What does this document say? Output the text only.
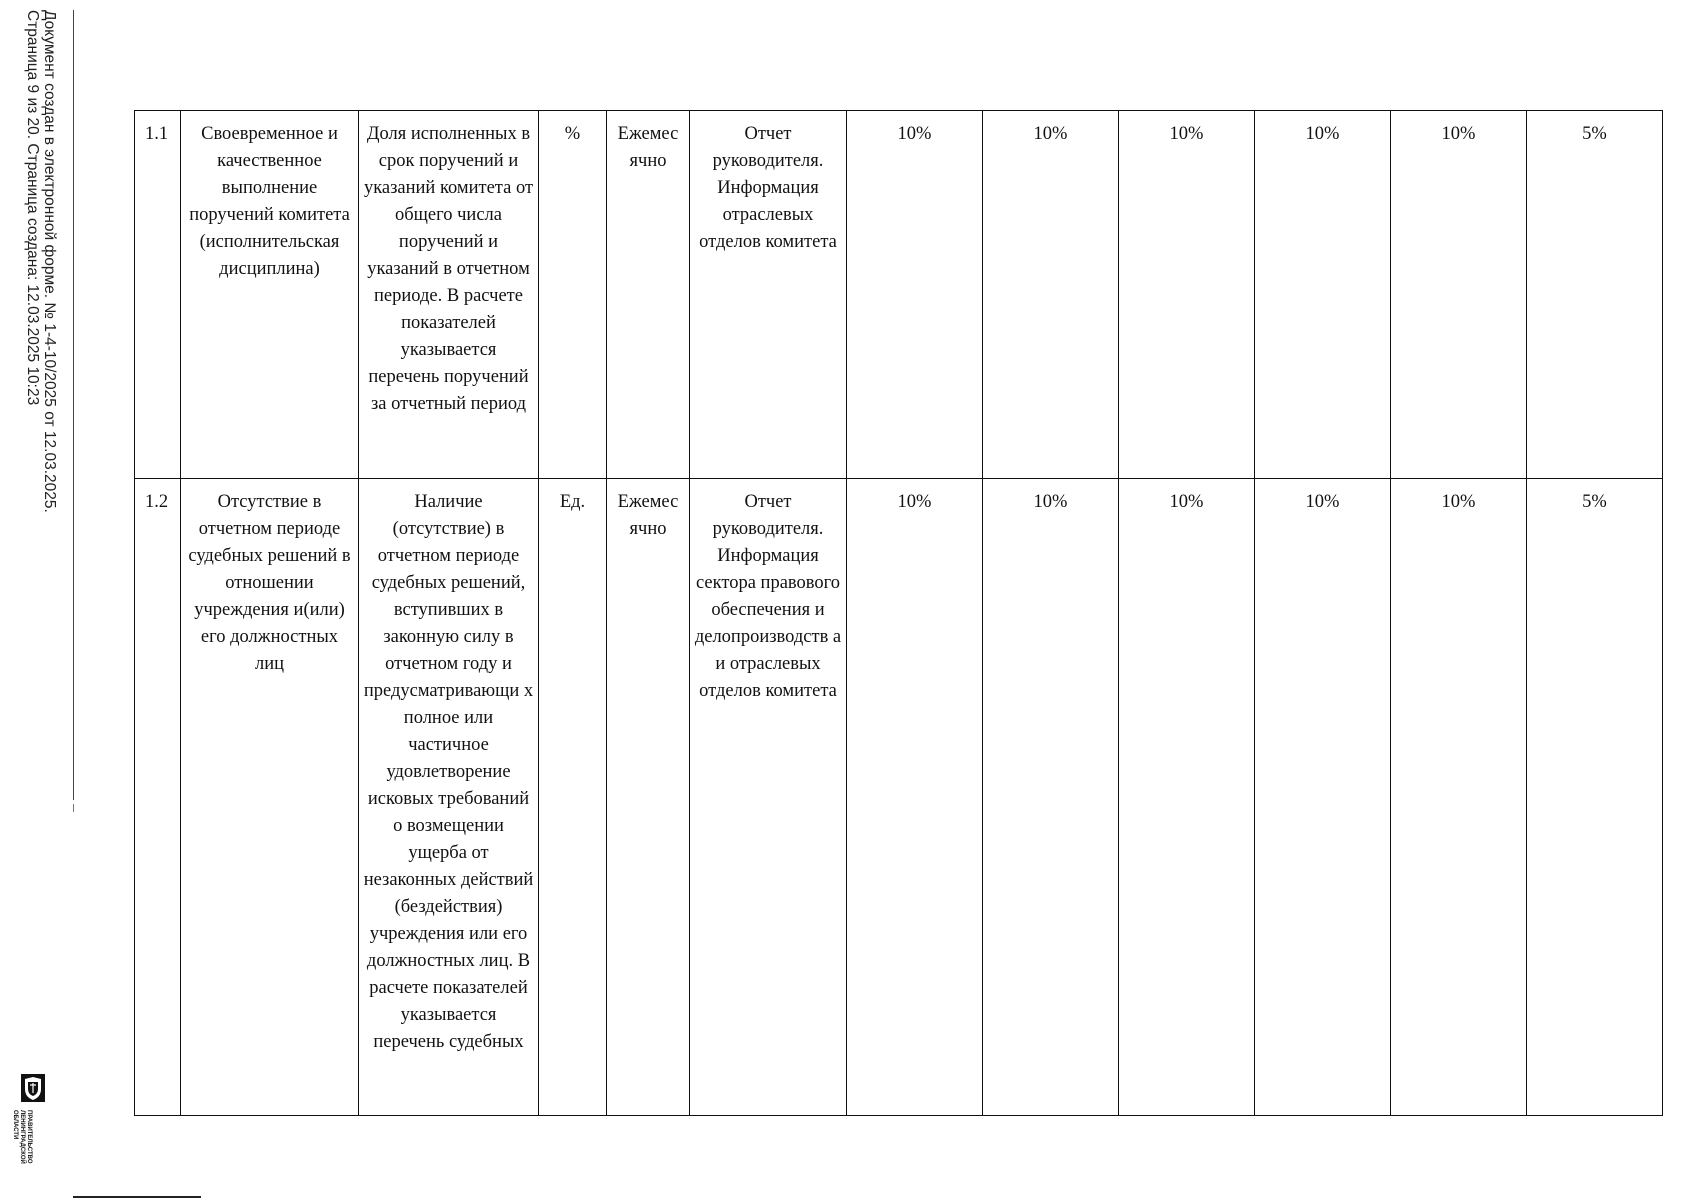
Документ создан в электронной форме. № 1-4-10/2025 от 12.03.2025.
Страница 9 из 20. Страница создана: 12.03.2025 10:23
ПРАВИТЕЛЬСТВО
ЛЕНИНГРАДСКОЙ
ОБЛАСТИ
1.1	Своевременное и качественное выполнение поручений комитета (исполнительская дисциплина)	Доля исполненных в срок поручений и указаний комитета от общего числа поручений и указаний в отчетном периоде. В расчете показателей указывается перечень поручений за отчетный период	%	Ежемес ячно	Отчет руководителя. Информация отраслевых отделов комитета	10%	10%	10%	10%	10%	5%
1.2	Отсутствие в отчетном периоде судебных решений в отношении учреждения и(или) его должностных лиц	Наличие (отсутствие) в отчетном периоде судебных решений, вступивших в законную силу в отчетном году и предусматривающи х полное или частичное удовлетворение исковых требований о возмещении ущерба от незаконных действий (бездействия) учреждения или его должностных лиц. В расчете показателей указывается перечень судебных	Ед.	Ежемес ячно	Отчет руководителя. Информация сектора правового обеспечения и делопроизводств а и отраслевых отделов комитета	10%	10%	10%	10%	10%	5%
